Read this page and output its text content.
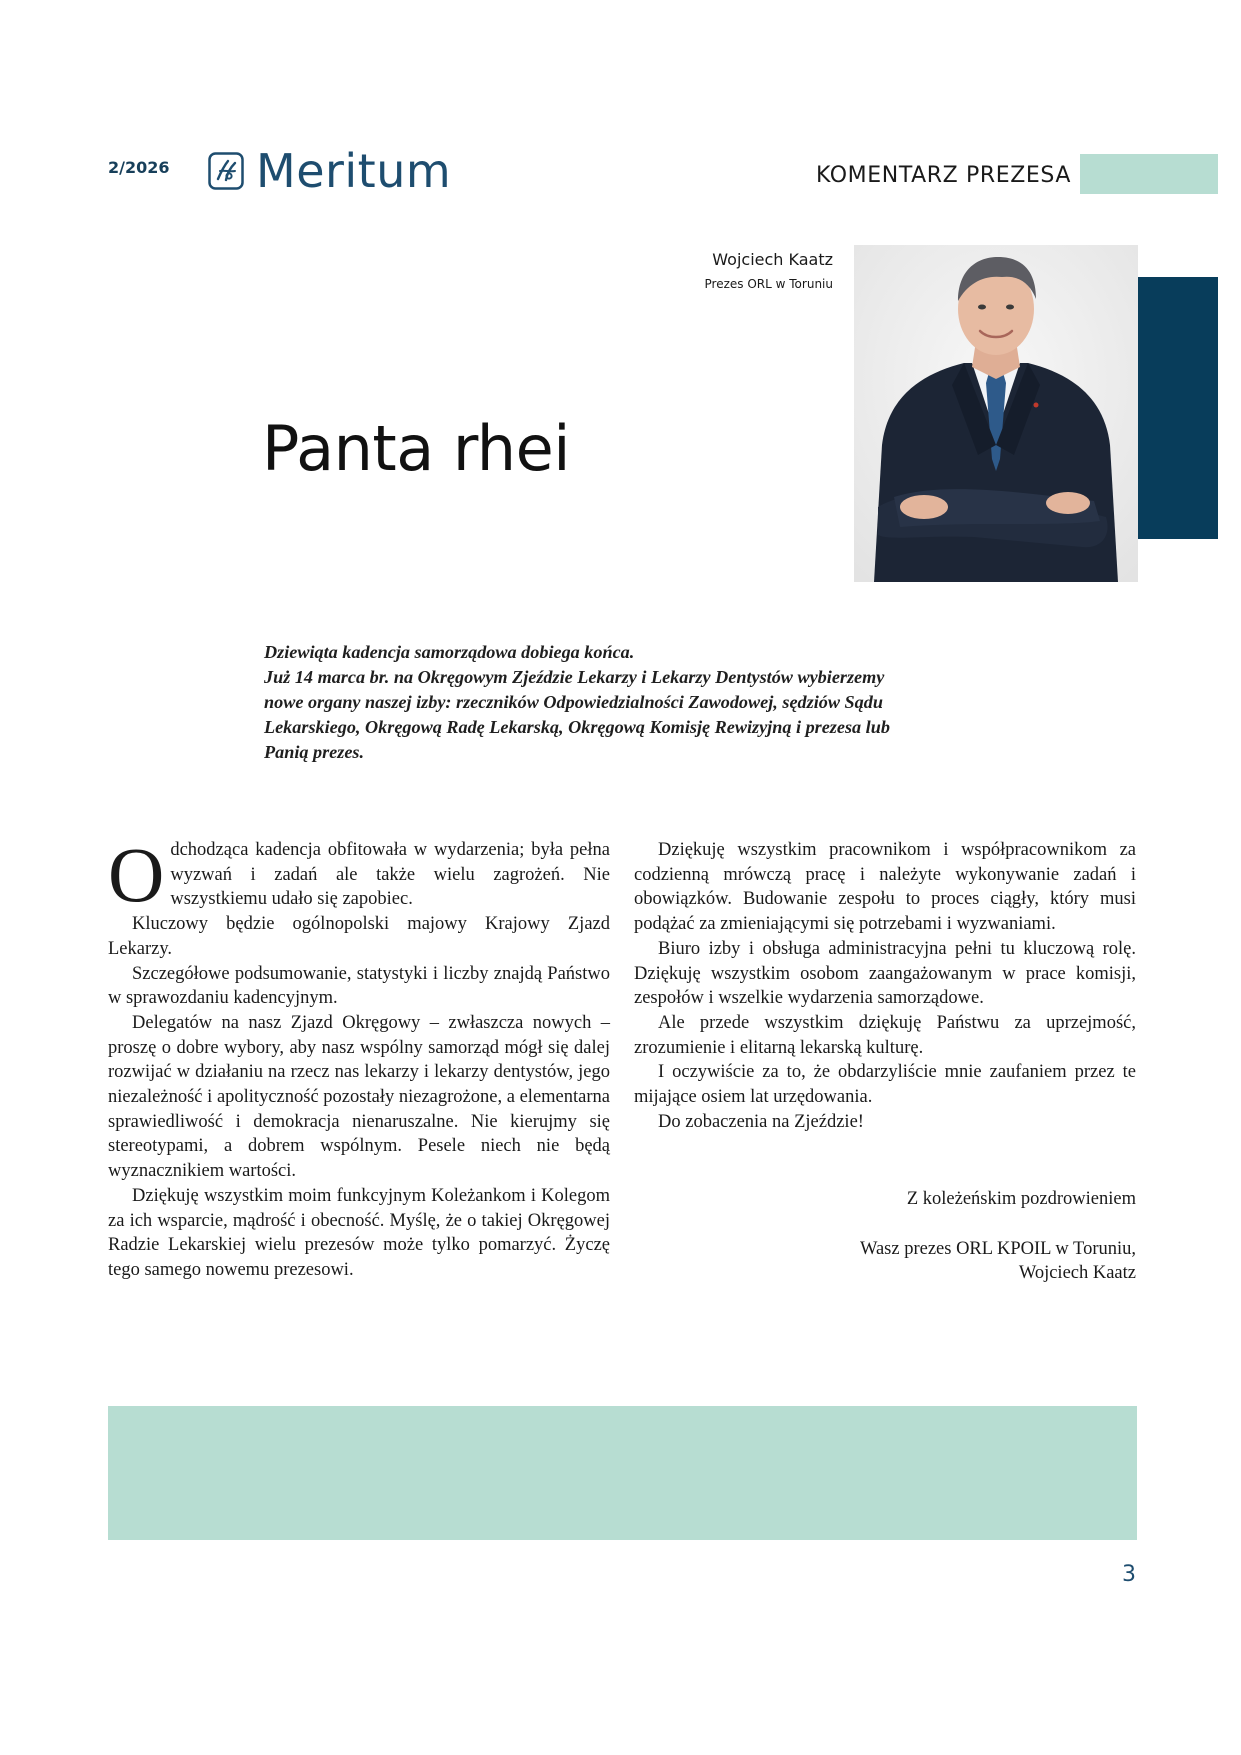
2/2026 Meritum	KOMENTARZ PREZESA
Wojciech Kaatz
Prezes ORL w Toruniu
Panta rhei

Dziewiąta kadencja samorządowa dobiega końca.

Już 14 marca br. na Okręgowym Zjeździe Lekarzy i Lekarzy Dentystów wybierzemy nowe organy naszej izby: rzeczników Odpowiedzialności Zawodowej, sędziów Sądu Lekarskiego, Okręgową Radę Lekarską, Okręgową Komisję Rewizyjną i prezesa lub Panią prezes.

Odchodząca kadencja obfitowała w wydarzenia; była pełna wyzwań i zadań ale także wielu zagrożeń. Nie wszystkiemu udało się zapobiec.

Kluczowy będzie ogólnopolski majowy Krajowy Zjazd Lekarzy.

Szczegółowe podsumowanie, statystyki i liczby znajdą Państwo w sprawozdaniu kadencyjnym.

Delegatów na nasz Zjazd Okręgowy – zwłaszcza nowych – proszę o dobre wybory, aby nasz wspólny samorząd mógł się dalej rozwijać w działaniu na rzecz nas lekarzy i lekarzy dentystów, jego niezależność i apolityczność pozostały niezagrożone, a elementarna sprawiedliwość i demokracja nienaruszalne. Nie kierujmy się stereotypami, a dobrem wspólnym. Pesele niech nie będą wyznacznikiem wartości.

Dziękuję wszystkim moim funkcyjnym Koleżankom i Kolegom za ich wsparcie, mądrość i obecność. Myślę, że o takiej Okręgowej Radzie Lekarskiej wielu prezesów może tylko pomarzyć. Życzę tego samego nowemu prezesowi.

Dziękuję wszystkim pracownikom i współpracownikom za codzienną mrówczą pracę i należyte wykonywanie zadań i obowiązków. Budowanie zespołu to proces ciągły, który musi podążać za zmieniającymi się potrzebami i wyzwaniami.

Biuro izby i obsługa administracyjna pełni tu kluczową rolę. Dziękuję wszystkim osobom zaangażowanym w prace komisji, zespołów i wszelkie wydarzenia samorządowe.

Ale przede wszystkim dziękuję Państwu za uprzejmość, zrozumienie i elitarną lekarską kulturę.

I oczywiście za to, że obdarzyliście mnie zaufaniem przez te mijające osiem lat urzędowania.

Do zobaczenia na Zjeździe!

Z koleżeńskim pozdrowieniem

Wasz prezes ORL KPOIL w Toruniu,

Wojciech Kaatz

3
